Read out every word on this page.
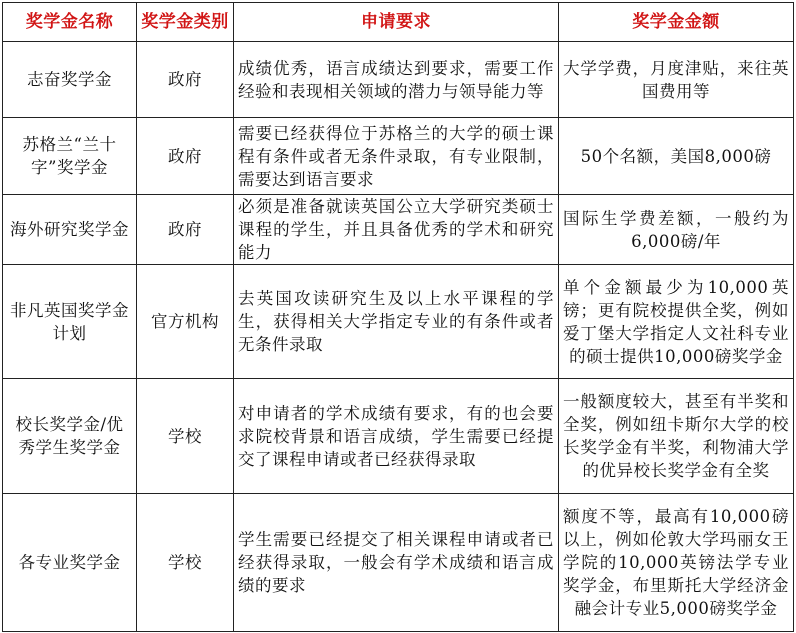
奖学金名称	奖学金类别	申请要求	奖学金金额
志奋奖学金	政府	成绩优秀，语言成绩达到要求，需要工作经验和表现相关领域的潜力与领导能力等	大学学费，月度津贴，来往英国费用等
苏格兰“兰十字”奖学金	政府	需要已经获得位于苏格兰的大学的硕士课程有条件或者无条件录取，有专业限制，需要达到语言要求	50个名额，美国8,000磅
海外研究奖学金	政府	必须是准备就读英国公立大学研究类硕士课程的学生，并且具备优秀的学术和研究能力	国际生学费差额，一般约为6,000磅/年
非凡英国奖学金计划	官方机构	去英国攻读研究生及以上水平课程的学生，获得相关大学指定专业的有条件或者无条件录取	单个金额最少为10,000英镑；更有院校提供全奖，例如爱丁堡大学指定人文社科专业的硕士提供10,000磅奖学金
校长奖学金/优秀学生奖学金	学校	对申请者的学术成绩有要求，有的也会要求院校背景和语言成绩，学生需要已经提交了课程申请或者已经获得录取	一般额度较大，甚至有半奖和全奖，例如纽卡斯尔大学的校长奖学金有半奖，利物浦大学的优异校长奖学金有全奖
各专业奖学金	学校	学生需要已经提交了相关课程申请或者已经获得录取，一般会有学术成绩和语言成绩的要求	额度不等，最高有10,000磅以上，例如伦敦大学玛丽女王学院的10,000英镑法学专业奖学金，布里斯托大学经济金融会计专业5,000磅奖学金
